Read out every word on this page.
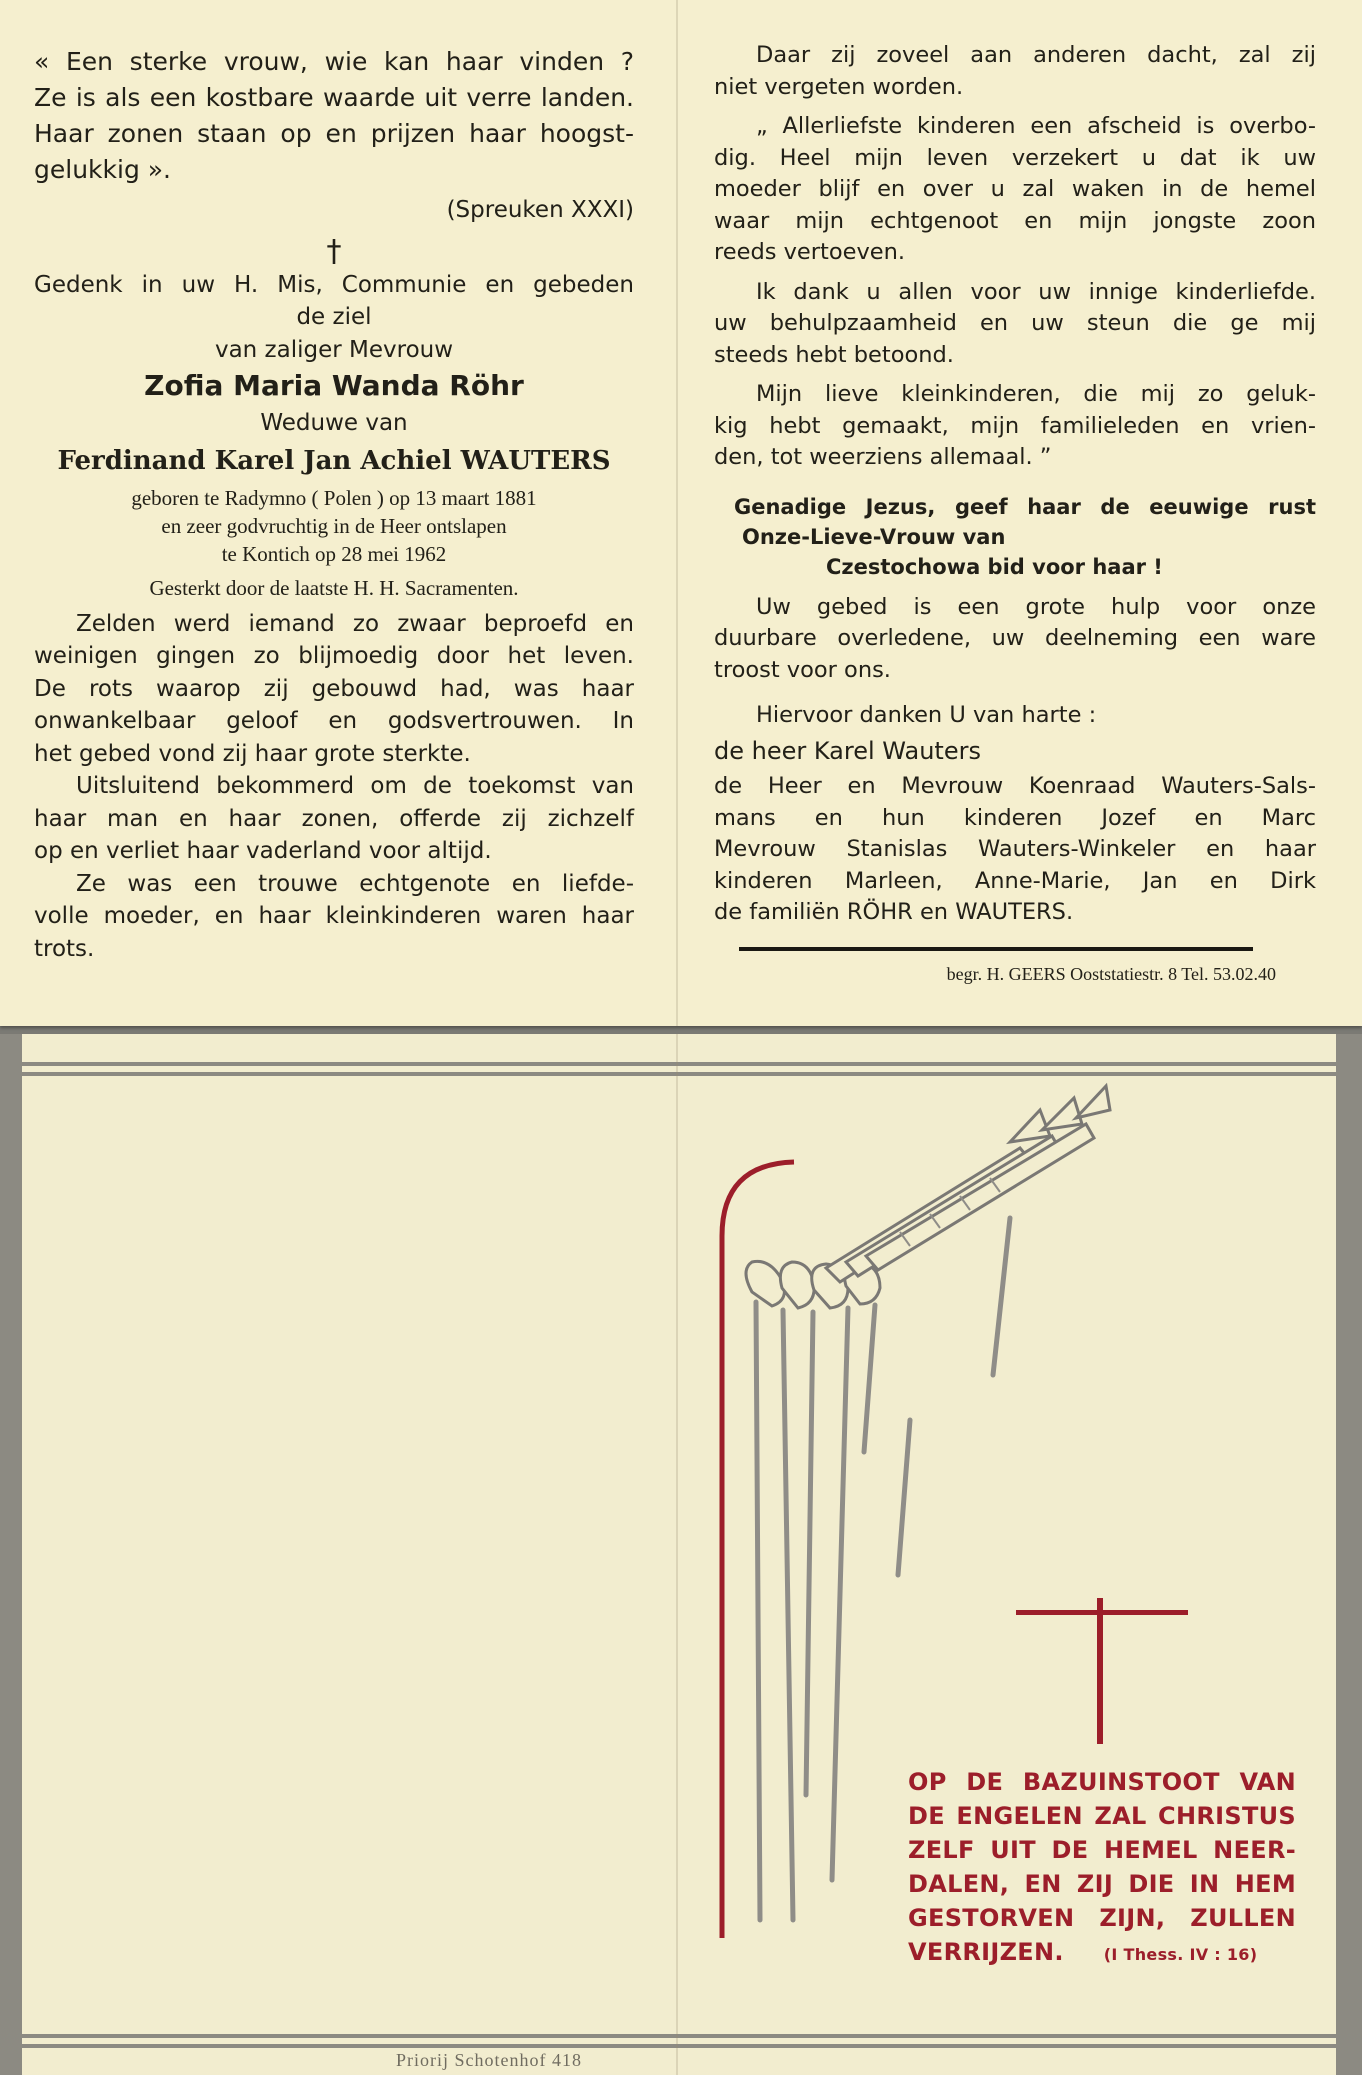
« Een sterke vrouw, wie kan haar vinden ?

Ze is als een kostbare waarde uit verre landen.

Haar zonen staan op en prijzen haar hoogst-

gelukkig ».

(Spreuken XXXI)

†

Gedenk in uw H. Mis, Communie en gebeden

de ziel

van zaliger Mevrouw

Zofia Maria Wanda Röhr

Weduwe van

Ferdinand Karel Jan Achiel WAUTERS

geboren te Radymno ( Polen ) op 13 maart 1881

en zeer godvruchtig in de Heer ontslapen

te Kontich op 28 mei 1962

Gesterkt door de laatste H. H. Sacramenten.

Zelden werd iemand zo zwaar beproefd en

weinigen gingen zo blijmoedig door het leven.

De rots waarop zij gebouwd had, was haar

onwankelbaar geloof en godsvertrouwen. In

het gebed vond zij haar grote sterkte.

Uitsluitend bekommerd om de toekomst van

haar man en haar zonen, offerde zij zichzelf

op en verliet haar vaderland voor altijd.

Ze was een trouwe echtgenote en liefde-

volle moeder, en haar kleinkinderen waren haar

trots.

Daar zij zoveel aan anderen dacht, zal zij

niet vergeten worden.

„ Allerliefste kinderen een afscheid is overbo-

dig. Heel mijn leven verzekert u dat ik uw

moeder blijf en over u zal waken in de hemel

waar mijn echtgenoot en mijn jongste zoon

reeds vertoeven.

Ik dank u allen voor uw innige kinderliefde.

uw behulpzaamheid en uw steun die ge mij

steeds hebt betoond.

Mijn lieve kleinkinderen, die mij zo geluk-

kig hebt gemaakt, mijn familieleden en vrien-

den, tot weerziens allemaal. ”

Genadige Jezus, geef haar de eeuwige rust

Onze-Lieve-Vrouw van

Czestochowa bid voor haar !

Uw gebed is een grote hulp voor onze

duurbare overledene, uw deelneming een ware

troost voor ons.

Hiervoor danken U van harte :

de heer Karel Wauters

de Heer en Mevrouw Koenraad Wauters-Sals-

mans en hun kinderen Jozef en Marc

Mevrouw Stanislas Wauters-Winkeler en haar

kinderen Marleen, Anne-Marie, Jan en Dirk

de familiën RÖHR en WAUTERS.

begr. H. GEERS Ooststatiestr. 8 Tel. 53.02.40

OP DE BAZUINSTOOT VAN

DE ENGELEN ZAL CHRISTUS

ZELF UIT DE HEMEL NEER-

DALEN, EN ZIJ DIE IN HEM

GESTORVEN ZIJN, ZULLEN

VERRIJZEN.	(I Thess. IV : 16)

Priorij Schotenhof 418
